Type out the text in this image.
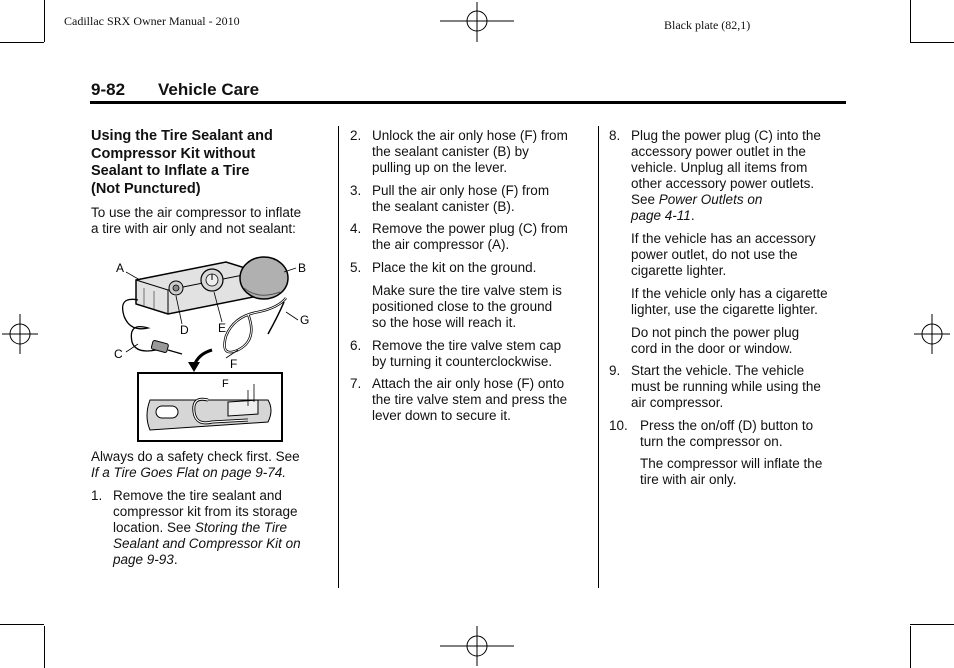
Cadillac SRX Owner Manual - 2010	Black plate (82,1)
9-82 Vehicle Care

Using the Tire Sealant and
Compressor Kit without
Sealant to Inflate a Tire
(Not Punctured)

To use the air compressor to inflate
a tire with air only and not sealant:

A	B
G
D E
C
F
F

Always do a safety check first. See
If a Tire Goes Flat on page 9-74.

1. Remove the tire sealant and
compressor kit from its storage
location. See Storing the Tire
Sealant and Compressor Kit on
page 9-93.
2. Unlock the air only hose (F) from
the sealant canister (B) by
pulling up on the lever.
3. Pull the air only hose (F) from
the sealant canister (B).
4. Remove the power plug (C) from
the air compressor (A).
5. Place the kit on the ground.

Make sure the tire valve stem is
positioned close to the ground
so the hose will reach it.

6. Remove the tire valve stem cap
by turning it counterclockwise.
7. Attach the air only hose (F) onto
the tire valve stem and press the
lever down to secure it.
8. Plug the power plug (C) into the
accessory power outlet in the
vehicle. Unplug all items from
other accessory power outlets.
See Power Outlets on
page 4-11.

If the vehicle has an accessory
power outlet, do not use the
cigarette lighter.

If the vehicle only has a cigarette
lighter, use the cigarette lighter.

Do not pinch the power plug
cord in the door or window.

9. Start the vehicle. The vehicle
must be running while using the
air compressor.
10. Press the on/off (D) button to
turn the compressor on.

The compressor will inflate the
tire with air only.
